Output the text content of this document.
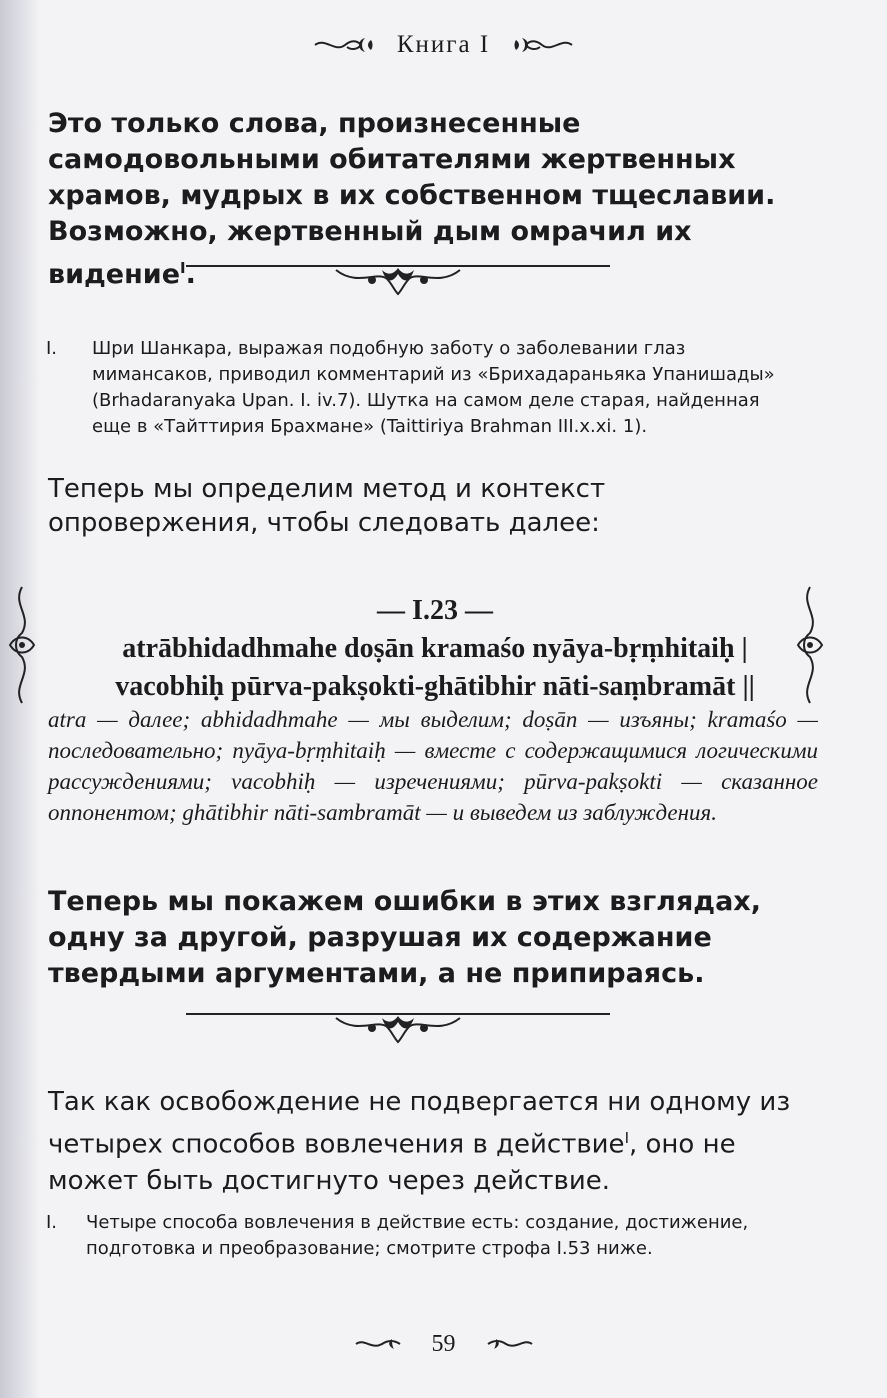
Книга I
Это только слова, произнесенные самодовольными обитателями жертвенных храмов, мудрых в их собственном тщеславии. Возможно, жертвенный дым омрачил их видение$^I$.
I. Шри Шанкара, выражая подобную заботу о заболевании глаз мимансаков, приводил комментарий из «Брихадараньяка Упанишады» (Brhadaranyaka Upan. I. iv.7). Шутка на самом деле старая, найденная еще в «Тайттирия Брахмане» (Taittiriya Brahman III.x.xi. 1).
Теперь мы определим метод и контекст опровержения, чтобы следовать далее:
— I.23 —
atrābhidadhmahe doṣān kramaśo nyāya-bṛṃhitaiḥ |
vacobhiḥ pūrva-pakṣokti-ghātibhir nāti-saṃbramāt ||
atra — далее; abhidadhmahe — мы выделим; doṣān — изъяны; kramaśo — последовательно; nyāya-bṛṃhitaiḥ — вместе с содержащимися логическими рассуждениями; vacobhiḥ — изречениями; pūrva-pakṣokti — сказанное оппонентом; ghātibhir nāti-sambramāt — и выведем из заблуждения.
Теперь мы покажем ошибки в этих взглядах, одну за другой, разрушая их содержание твердыми аргументами, а не припираясь.
Так как освобождение не подвергается ни одному из четырех способов вовлечения в действие$^I$, оно не может быть достигнуто через действие.
I. Четыре способа вовлечения в действие есть: создание, достижение, подготовка и преобразование; смотрите строфа I.53 ниже.
59
